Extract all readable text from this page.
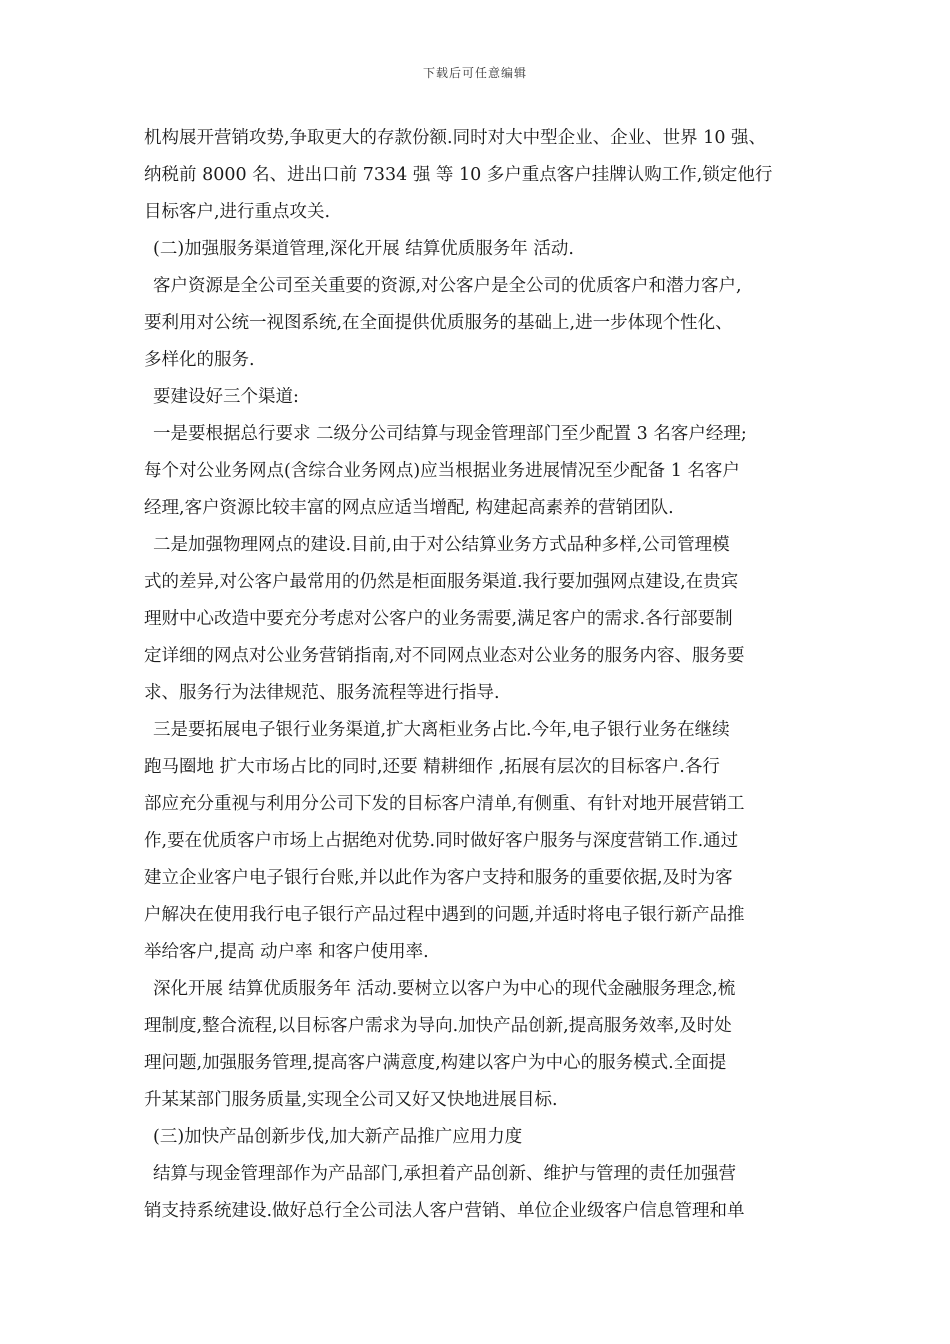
下载后可任意编辑
机构展开营销攻势,争取更大的存款份额.同时对大中型企业、企业、世界 10 强、
纳税前 8000 名、进出口前 7334 强 等 10 多户重点客户挂牌认购工作,锁定他行
目标客户,进行重点攻关.
(二)加强服务渠道管理,深化开展 结算优质服务年 活动.
客户资源是全公司至关重要的资源,对公客户是全公司的优质客户和潜力客户,
要利用对公统一视图系统,在全面提供优质服务的基础上,进一步体现个性化、
多样化的服务.
要建设好三个渠道:
一是要根据总行要求 二级分公司结算与现金管理部门至少配置 3 名客户经理;
每个对公业务网点(含综合业务网点)应当根据业务进展情况至少配备 1 名客户
经理,客户资源比较丰富的网点应适当增配, 构建起高素养的营销团队.
二是加强物理网点的建设.目前,由于对公结算业务方式品种多样,公司管理模
式的差异,对公客户最常用的仍然是柜面服务渠道.我行要加强网点建设,在贵宾
理财中心改造中要充分考虑对公客户的业务需要,满足客户的需求.各行部要制
定详细的网点对公业务营销指南,对不同网点业态对公业务的服务内容、服务要
求、服务行为法律规范、服务流程等进行指导.
三是要拓展电子银行业务渠道,扩大离柜业务占比.今年,电子银行业务在继续
跑马圈地 扩大市场占比的同时,还要 精耕细作 ,拓展有层次的目标客户.各行
部应充分重视与利用分公司下发的目标客户清单,有侧重、有针对地开展营销工
作,要在优质客户市场上占据绝对优势.同时做好客户服务与深度营销工作.通过
建立企业客户电子银行台账,并以此作为客户支持和服务的重要依据,及时为客
户解决在使用我行电子银行产品过程中遇到的问题,并适时将电子银行新产品推
举给客户,提高 动户率 和客户使用率.
深化开展 结算优质服务年 活动.要树立以客户为中心的现代金融服务理念,梳
理制度,整合流程,以目标客户需求为导向.加快产品创新,提高服务效率,及时处
理问题,加强服务管理,提高客户满意度,构建以客户为中心的服务模式.全面提
升某某部门服务质量,实现全公司又好又快地进展目标.
(三)加快产品创新步伐,加大新产品推广应用力度
结算与现金管理部作为产品部门,承担着产品创新、维护与管理的责任加强营
销支持系统建设.做好总行全公司法人客户营销、单位企业级客户信息管理和单
